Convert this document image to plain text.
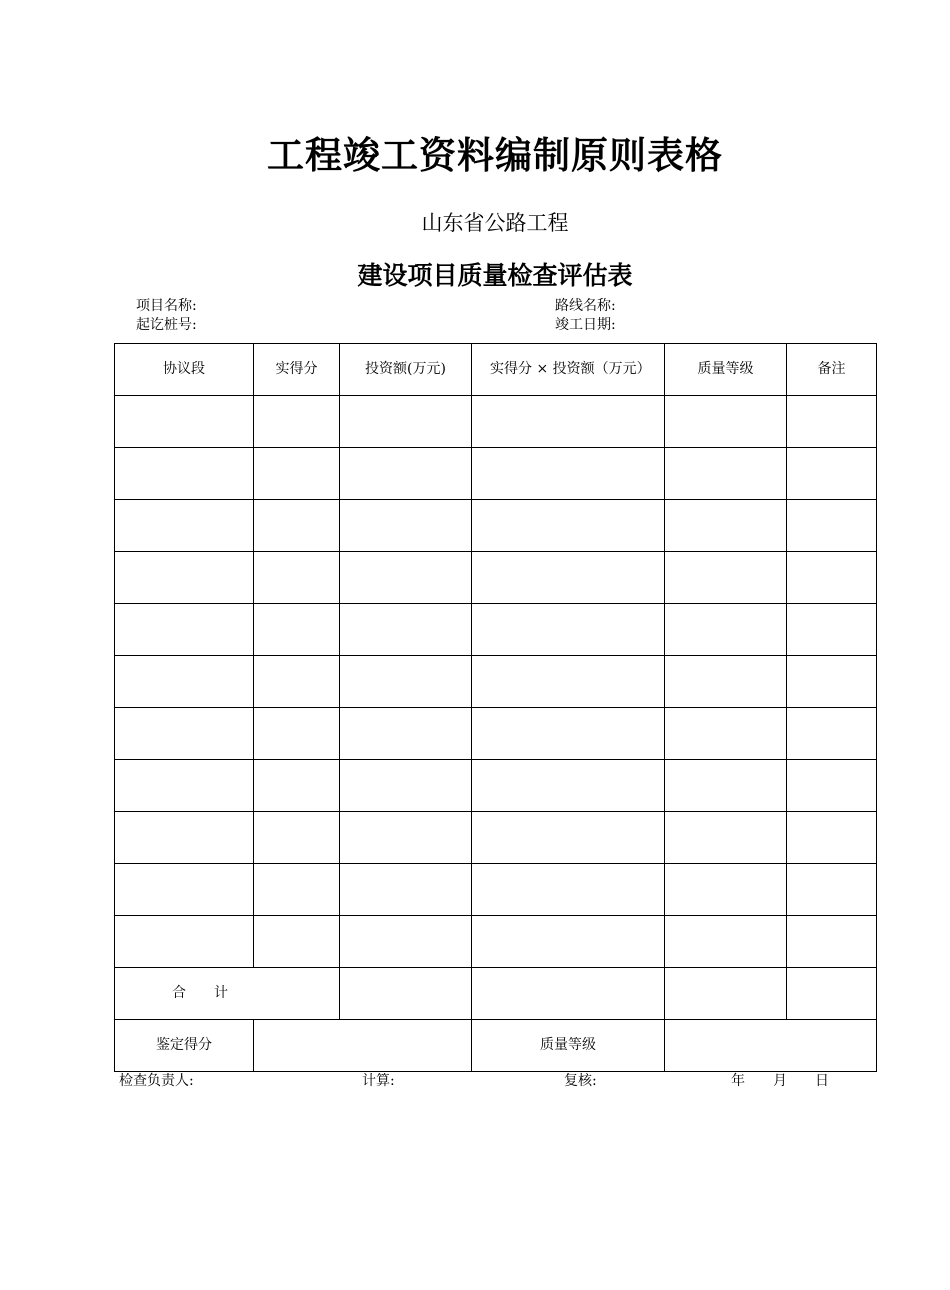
工程竣工资料编制原则表格
山东省公路工程
建设项目质量检查评估表
项目名称:	路线名称:
起讫桩号:	竣工日期:
协议段	实得分	投资额(万元)	实得分 × 投资额（万元）	质量等级	备注

合　　计					
鉴定得分			质量等级		
检查负责人:	计算:	复核:	年 月 日
